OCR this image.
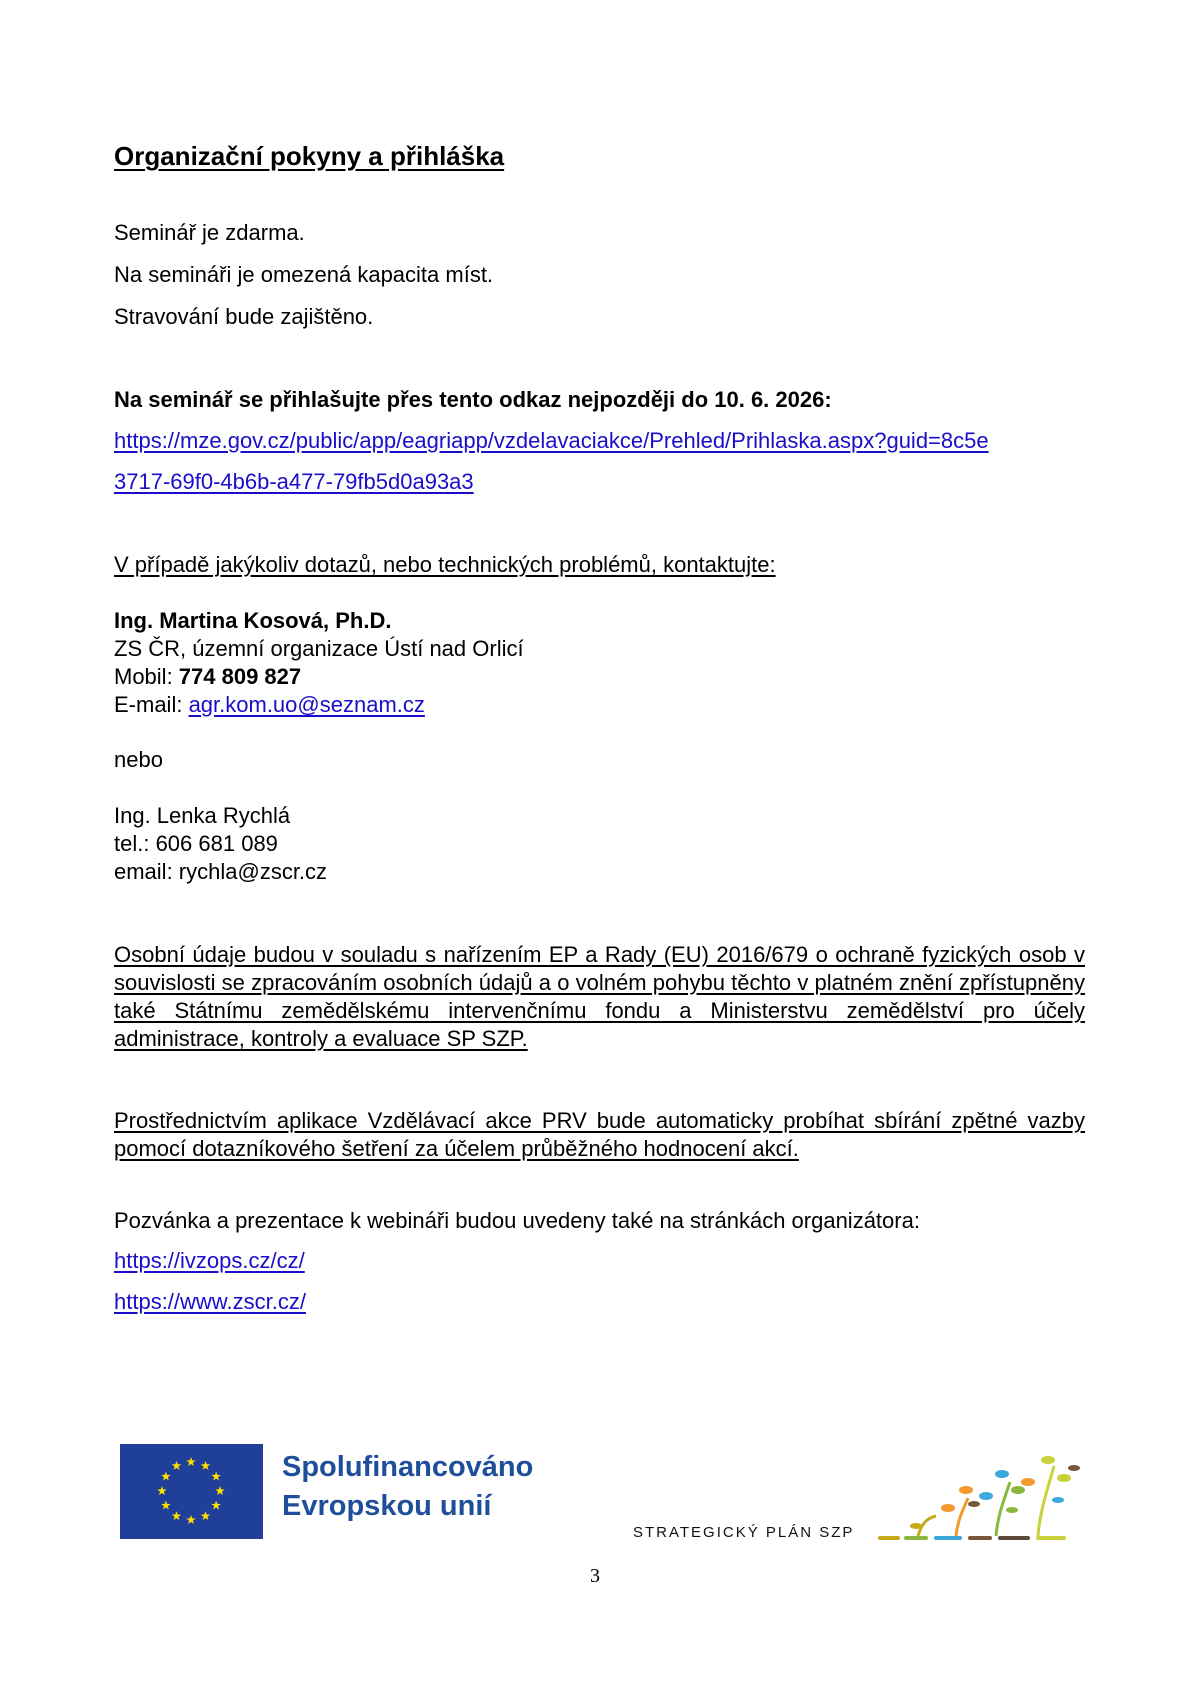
Organizační pokyny a přihláška
Seminář je zdarma.
Na semináři je omezená kapacita míst.
Stravování bude zajištěno.
Na seminář se přihlašujte přes tento odkaz nejpozději do 10. 6. 2026:
https://mze.gov.cz/public/app/eagriapp/vzdelavaciakce/Prehled/Prihlaska.aspx?guid=8c5e
3717-69f0-4b6b-a477-79fb5d0a93a3
V případě jakýkoliv dotazů, nebo technických problémů, kontaktujte:
Ing. Martina Kosová, Ph.D.
ZS ČR, územní organizace Ústí nad Orlicí
Mobil: 774 809 827
E-mail: agr.kom.uo@seznam.cz
nebo
Ing. Lenka Rychlá
tel.: 606 681 089
email: rychla@zscr.cz
Osobní údaje budou v souladu s nařízením EP a Rady (EU) 2016/679 o ochraně fyzických osob v souvislosti se zpracováním osobních údajů a o volném pohybu těchto v platném znění zpřístupněny také Státnímu zemědělskému intervenčnímu fondu a Ministerstvu zemědělství pro účely administrace, kontroly a evaluace SP SZP.
Prostřednictvím aplikace Vzdělávací akce PRV bude automaticky probíhat sbírání zpětné vazby pomocí dotazníkového šetření za účelem průběžného hodnocení akcí.
Pozvánka a prezentace k webináři budou uvedeny také na stránkách organizátora:
https://ivzops.cz/cz/
https://www.zscr.cz/
Spolufinancováno
Evropskou unií
STRATEGICKÝ PLÁN SZP
3
